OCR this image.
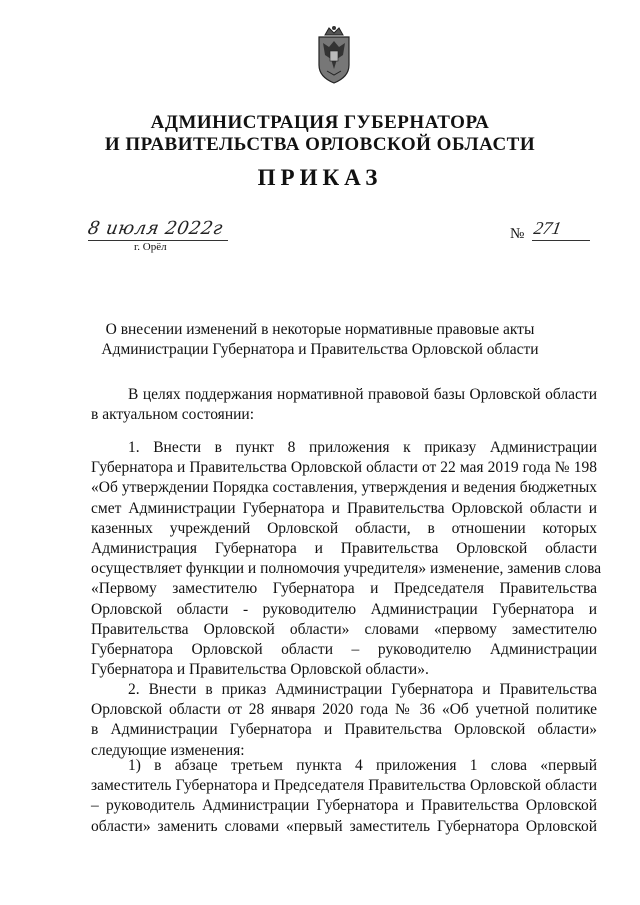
АДМИНИСТРАЦИЯ ГУБЕРНАТОРА
И ПРАВИТЕЛЬСТВА ОРЛОВСКОЙ ОБЛАСТИ
ПРИКАЗ
8 июля 2022г
г. Орёл
№ 271
О внесении изменений в некоторые нормативные правовые акты
Администрации Губернатора и Правительства Орловской области
В целях поддержания нормативной правовой базы Орловской области
в актуальном состоянии:
1. Внести в пункт 8 приложения к приказу Администрации
Губернатора и Правительства Орловской области от 22 мая 2019 года № 198
«Об утверждении Порядка составления, утверждения и ведения бюджетных
смет Администрации Губернатора и Правительства Орловской области и
казенных учреждений Орловской области, в отношении которых
Администрация Губернатора и Правительства Орловской области
осуществляет функции и полномочия учредителя» изменение, заменив слова
«Первому заместителю Губернатора и Председателя Правительства
Орловской области - руководителю Администрации Губернатора и
Правительства Орловской области» словами «первому заместителю
Губернатора Орловской области – руководителю Администрации
Губернатора и Правительства Орловской области».
2. Внести в приказ Администрации Губернатора и Правительства
Орловской области от 28 января 2020 года № 36 «Об учетной политике
в Администрации Губернатора и Правительства Орловской области»
следующие изменения:
1) в абзаце третьем пункта 4 приложения 1 слова «первый
заместитель Губернатора и Председателя Правительства Орловской области
– руководитель Администрации Губернатора и Правительства Орловской
области» заменить словами «первый заместитель Губернатора Орловской
